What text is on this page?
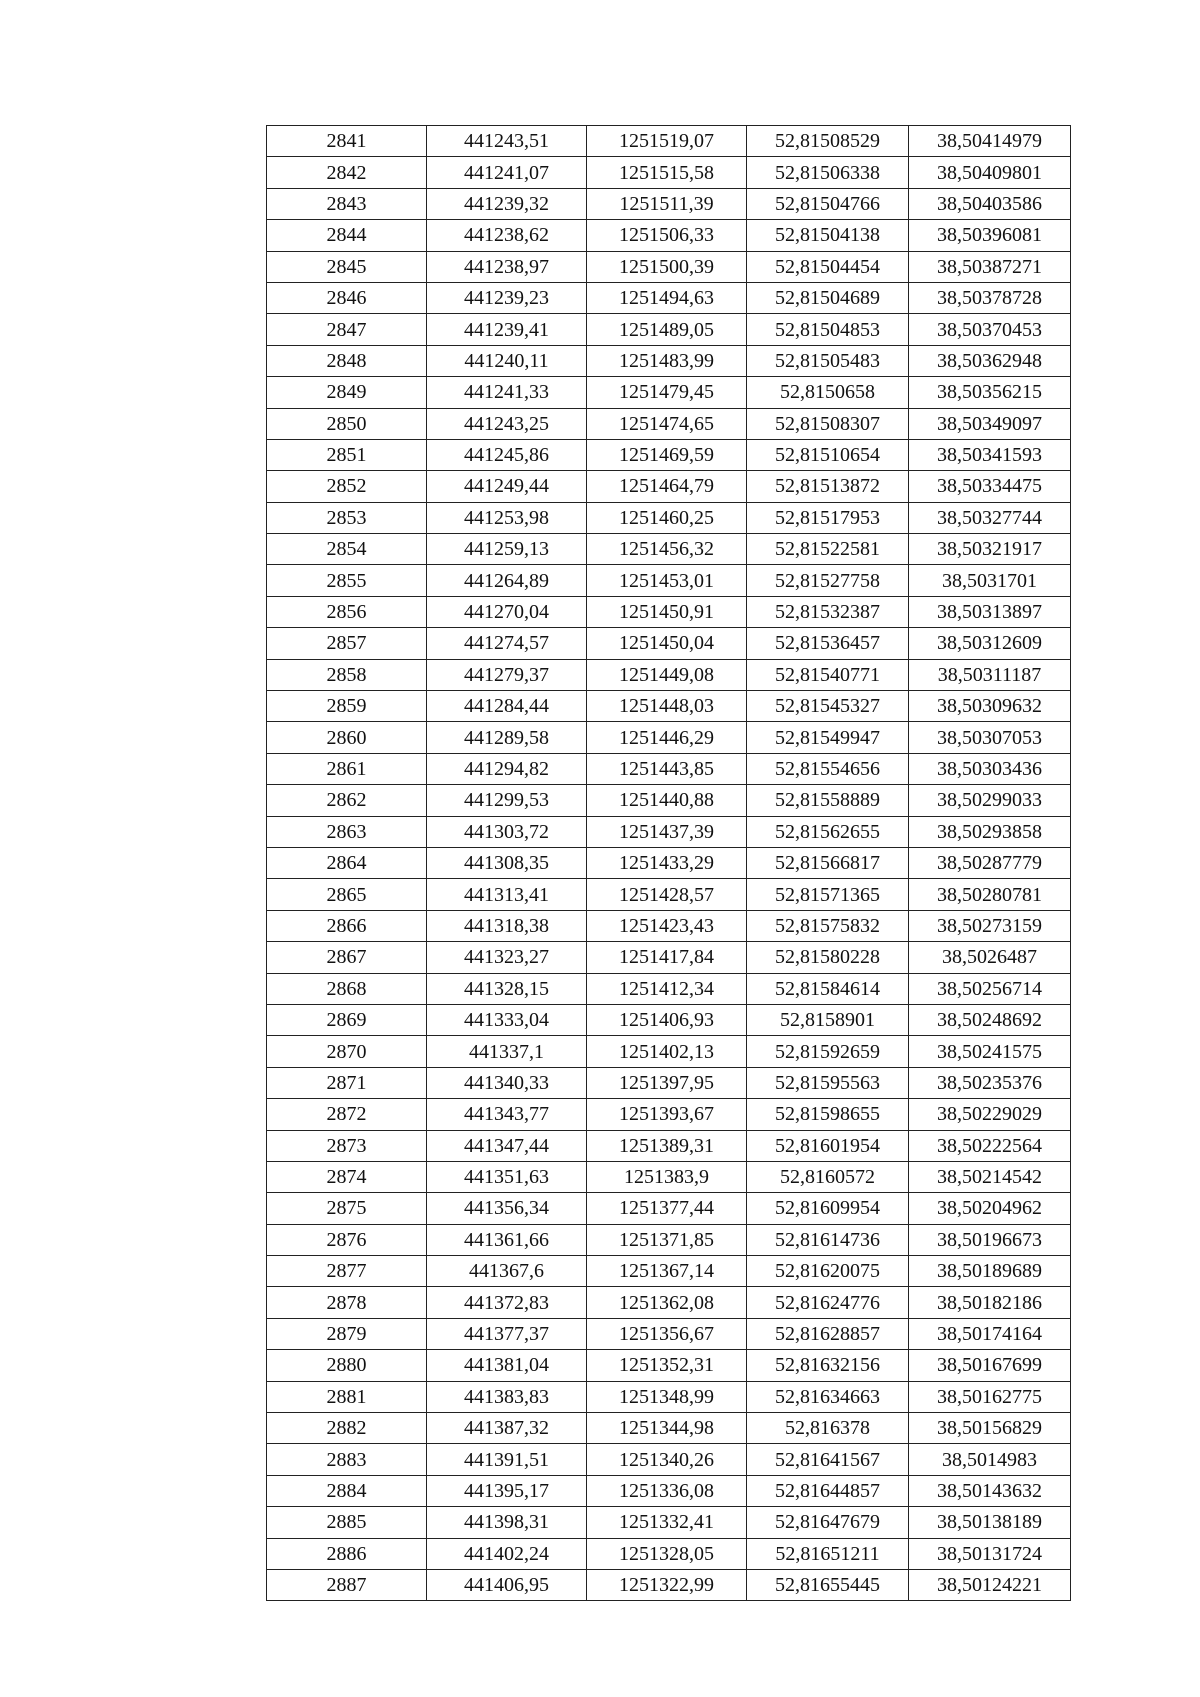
2841	441243,51	1251519,07	52,81508529	38,50414979
2842	441241,07	1251515,58	52,81506338	38,50409801
2843	441239,32	1251511,39	52,81504766	38,50403586
2844	441238,62	1251506,33	52,81504138	38,50396081
2845	441238,97	1251500,39	52,81504454	38,50387271
2846	441239,23	1251494,63	52,81504689	38,50378728
2847	441239,41	1251489,05	52,81504853	38,50370453
2848	441240,11	1251483,99	52,81505483	38,50362948
2849	441241,33	1251479,45	52,8150658	38,50356215
2850	441243,25	1251474,65	52,81508307	38,50349097
2851	441245,86	1251469,59	52,81510654	38,50341593
2852	441249,44	1251464,79	52,81513872	38,50334475
2853	441253,98	1251460,25	52,81517953	38,50327744
2854	441259,13	1251456,32	52,81522581	38,50321917
2855	441264,89	1251453,01	52,81527758	38,5031701
2856	441270,04	1251450,91	52,81532387	38,50313897
2857	441274,57	1251450,04	52,81536457	38,50312609
2858	441279,37	1251449,08	52,81540771	38,50311187
2859	441284,44	1251448,03	52,81545327	38,50309632
2860	441289,58	1251446,29	52,81549947	38,50307053
2861	441294,82	1251443,85	52,81554656	38,50303436
2862	441299,53	1251440,88	52,81558889	38,50299033
2863	441303,72	1251437,39	52,81562655	38,50293858
2864	441308,35	1251433,29	52,81566817	38,50287779
2865	441313,41	1251428,57	52,81571365	38,50280781
2866	441318,38	1251423,43	52,81575832	38,50273159
2867	441323,27	1251417,84	52,81580228	38,5026487
2868	441328,15	1251412,34	52,81584614	38,50256714
2869	441333,04	1251406,93	52,8158901	38,50248692
2870	441337,1	1251402,13	52,81592659	38,50241575
2871	441340,33	1251397,95	52,81595563	38,50235376
2872	441343,77	1251393,67	52,81598655	38,50229029
2873	441347,44	1251389,31	52,81601954	38,50222564
2874	441351,63	1251383,9	52,8160572	38,50214542
2875	441356,34	1251377,44	52,81609954	38,50204962
2876	441361,66	1251371,85	52,81614736	38,50196673
2877	441367,6	1251367,14	52,81620075	38,50189689
2878	441372,83	1251362,08	52,81624776	38,50182186
2879	441377,37	1251356,67	52,81628857	38,50174164
2880	441381,04	1251352,31	52,81632156	38,50167699
2881	441383,83	1251348,99	52,81634663	38,50162775
2882	441387,32	1251344,98	52,816378	38,50156829
2883	441391,51	1251340,26	52,81641567	38,5014983
2884	441395,17	1251336,08	52,81644857	38,50143632
2885	441398,31	1251332,41	52,81647679	38,50138189
2886	441402,24	1251328,05	52,81651211	38,50131724
2887	441406,95	1251322,99	52,81655445	38,50124221
